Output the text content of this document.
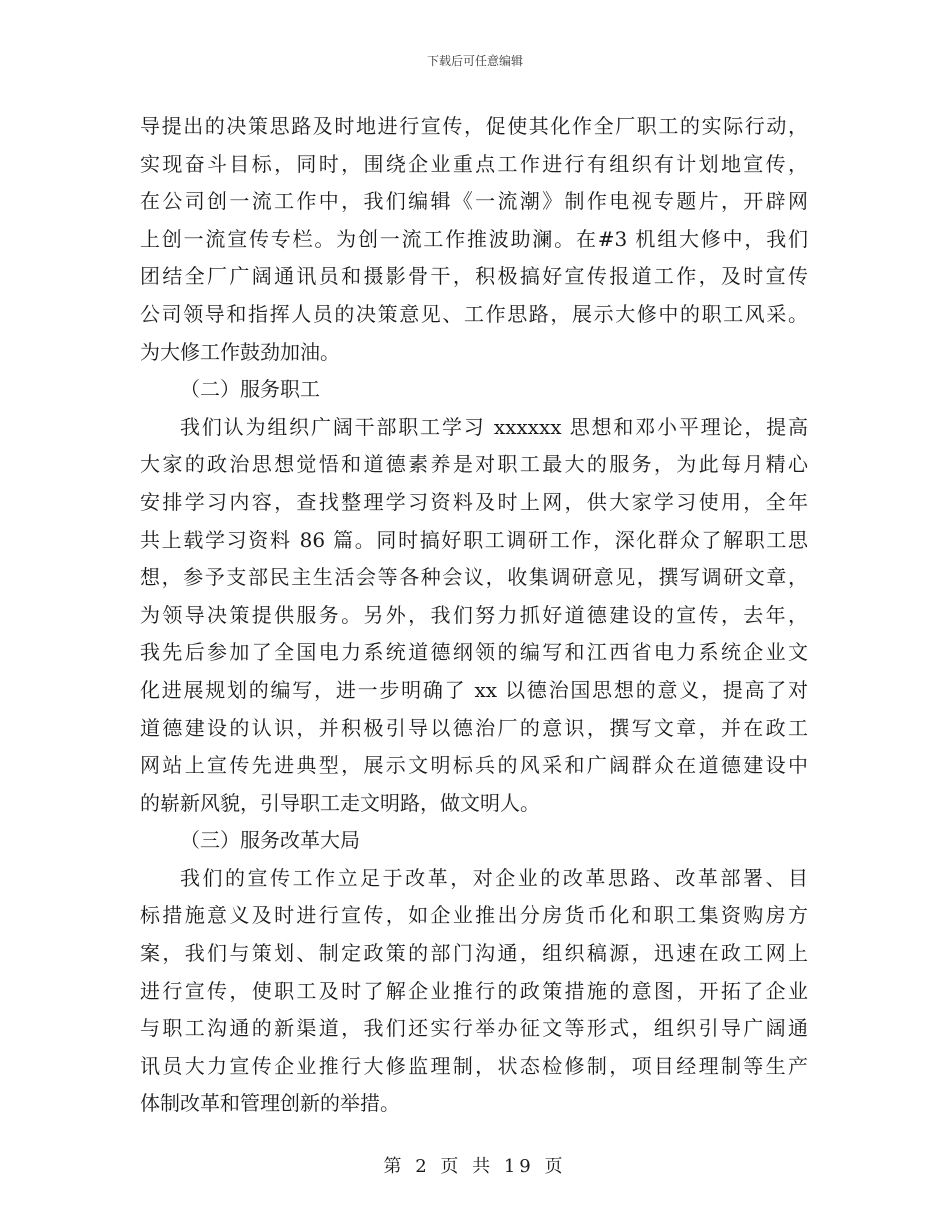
下载后可任意编辑
导提出的决策思路及时地进行宣传，促使其化作全厂职工的实际行动，
实现奋斗目标，同时，围绕企业重点工作进行有组织有计划地宣传，
在公司创一流工作中，我们编辑《一流潮》制作电视专题片，开辟网
上创一流宣传专栏。为创一流工作推波助澜。在#3 机组大修中，我们
团结全厂广阔通讯员和摄影骨干，积极搞好宣传报道工作，及时宣传
公司领导和指挥人员的决策意见、工作思路，展示大修中的职工风采。
为大修工作鼓劲加油。
（二）服务职工
我们认为组织广阔干部职工学习 xxxxxx 思想和邓小平理论，提高
大家的政治思想觉悟和道德素养是对职工最大的服务，为此每月精心
安排学习内容，查找整理学习资料及时上网，供大家学习使用，全年
共上载学习资料 86 篇。同时搞好职工调研工作，深化群众了解职工思
想，参予支部民主生活会等各种会议，收集调研意见，撰写调研文章，
为领导决策提供服务。另外，我们努力抓好道德建设的宣传，去年，
我先后参加了全国电力系统道德纲领的编写和江西省电力系统企业文
化进展规划的编写，进一步明确了 xx 以德治国思想的意义，提高了对
道德建设的认识，并积极引导以德治厂的意识，撰写文章，并在政工
网站上宣传先进典型，展示文明标兵的风采和广阔群众在道德建设中
的崭新风貌，引导职工走文明路，做文明人。
（三）服务改革大局
我们的宣传工作立足于改革，对企业的改革思路、改革部署、目
标措施意义及时进行宣传，如企业推出分房货币化和职工集资购房方
案，我们与策划、制定政策的部门沟通，组织稿源，迅速在政工网上
进行宣传，使职工及时了解企业推行的政策措施的意图，开拓了企业
与职工沟通的新渠道，我们还实行举办征文等形式，组织引导广阔通
讯员大力宣传企业推行大修监理制，状态检修制，项目经理制等生产
体制改革和管理创新的举措。
第 2 页 共 19 页
